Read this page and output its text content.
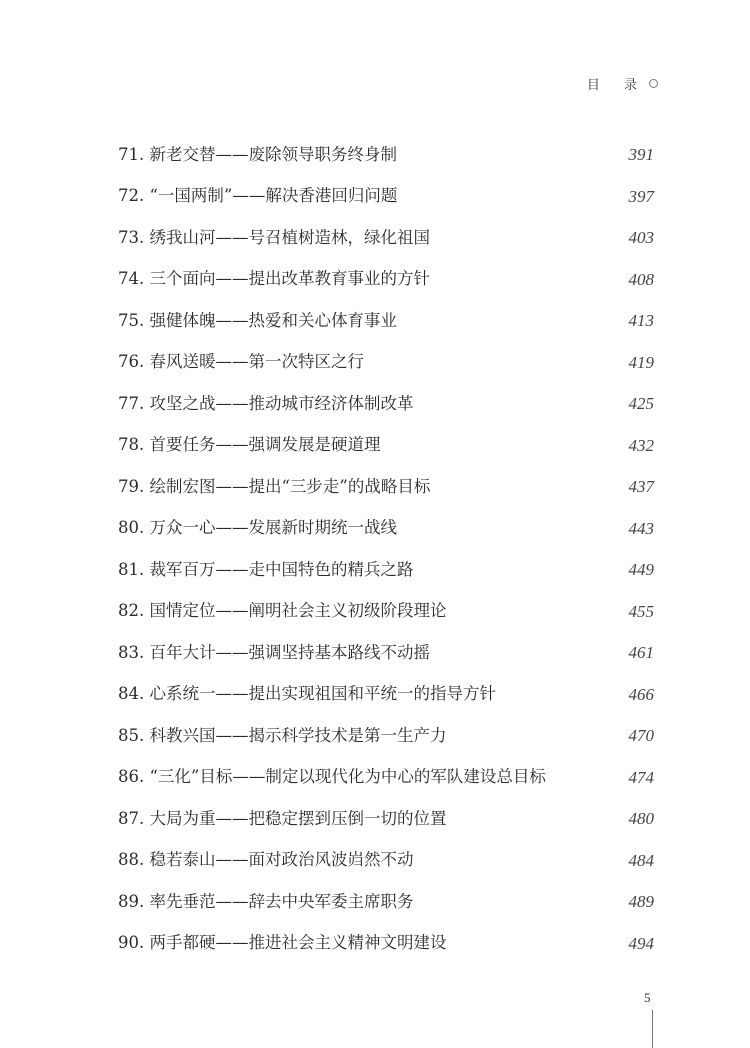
目 录
71. 新老交替——废除领导职务终身制	391
72. “一国两制”——解决香港回归问题	397
73. 绣我山河——号召植树造林，绿化祖国	403
74. 三个面向——提出改革教育事业的方针	408
75. 强健体魄——热爱和关心体育事业	413
76. 春风送暖——第一次特区之行	419
77. 攻坚之战——推动城市经济体制改革	425
78. 首要任务——强调发展是硬道理	432
79. 绘制宏图——提出“三步走”的战略目标	437
80. 万众一心——发展新时期统一战线	443
81. 裁军百万——走中国特色的精兵之路	449
82. 国情定位——阐明社会主义初级阶段理论	455
83. 百年大计——强调坚持基本路线不动摇	461
84. 心系统一——提出实现祖国和平统一的指导方针	466
85. 科教兴国——揭示科学技术是第一生产力	470
86. “三化”目标——制定以现代化为中心的军队建设总目标	474
87. 大局为重——把稳定摆到压倒一切的位置	480
88. 稳若泰山——面对政治风波岿然不动	484
89. 率先垂范——辞去中央军委主席职务	489
90. 两手都硬——推进社会主义精神文明建设	494
5
